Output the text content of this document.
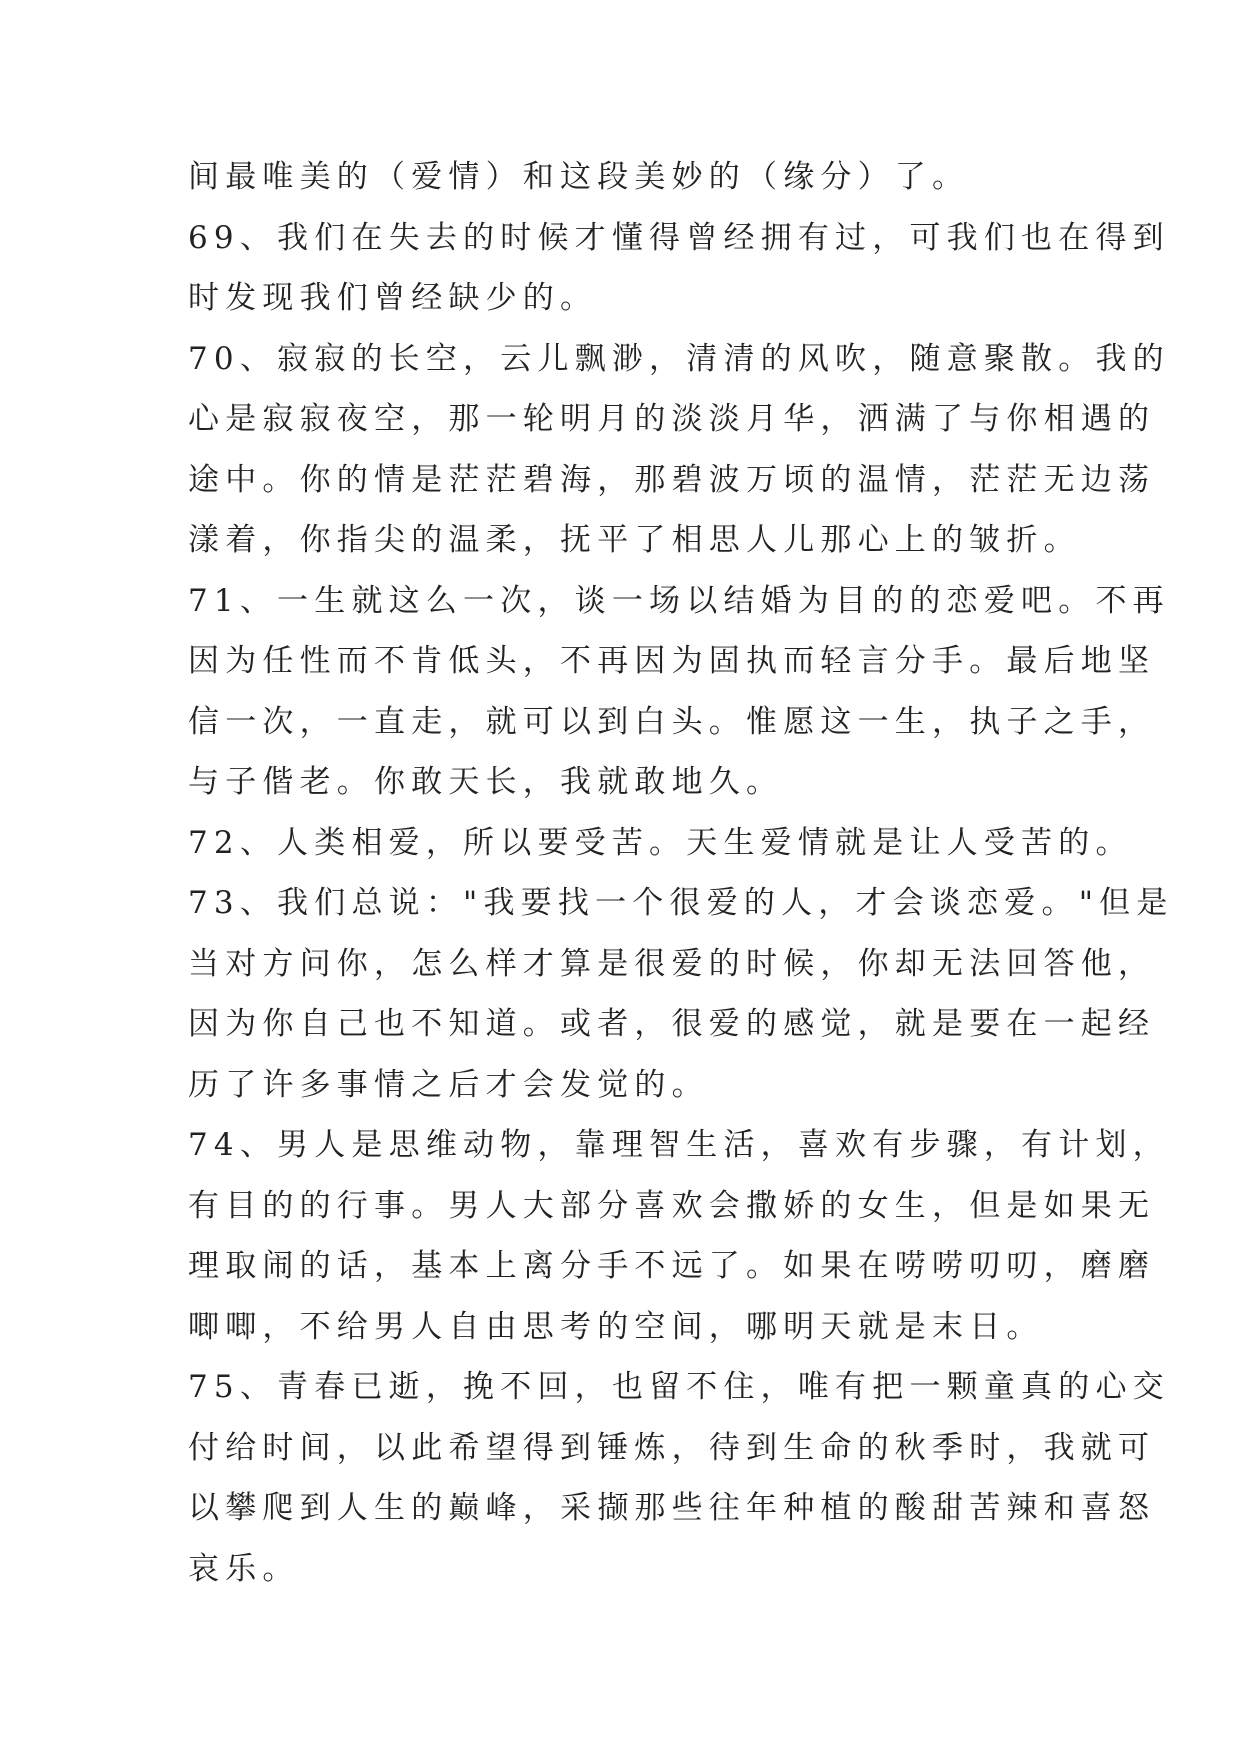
间最唯美的（爱情）和这段美妙的（缘分）了。

69、我们在失去的时候才懂得曾经拥有过，可我们也在得到
时发现我们曾经缺少的。

70、寂寂的长空，云儿飘渺，清清的风吹，随意聚散。我的
心是寂寂夜空，那一轮明月的淡淡月华，洒满了与你相遇的
途中。你的情是茫茫碧海，那碧波万顷的温情，茫茫无边荡
漾着，你指尖的温柔，抚平了相思人儿那心上的皱折。

71、一生就这么一次，谈一场以结婚为目的的恋爱吧。不再
因为任性而不肯低头，不再因为固执而轻言分手。最后地坚
信一次，一直走，就可以到白头。惟愿这一生，执子之手，
与子偕老。你敢天长，我就敢地久。

72、人类相爱，所以要受苦。天生爱情就是让人受苦的。

73、我们总说："我要找一个很爱的人，才会谈恋爱。"但是
当对方问你，怎么样才算是很爱的时候，你却无法回答他，
因为你自己也不知道。或者，很爱的感觉，就是要在一起经
历了许多事情之后才会发觉的。

74、男人是思维动物，靠理智生活，喜欢有步骤，有计划，
有目的的行事。男人大部分喜欢会撒娇的女生，但是如果无
理取闹的话，基本上离分手不远了。如果在唠唠叨叨，磨磨
唧唧，不给男人自由思考的空间，哪明天就是末日。

75、青春已逝，挽不回，也留不住，唯有把一颗童真的心交
付给时间，以此希望得到锤炼，待到生命的秋季时，我就可
以攀爬到人生的巅峰，采撷那些往年种植的酸甜苦辣和喜怒
哀乐。
